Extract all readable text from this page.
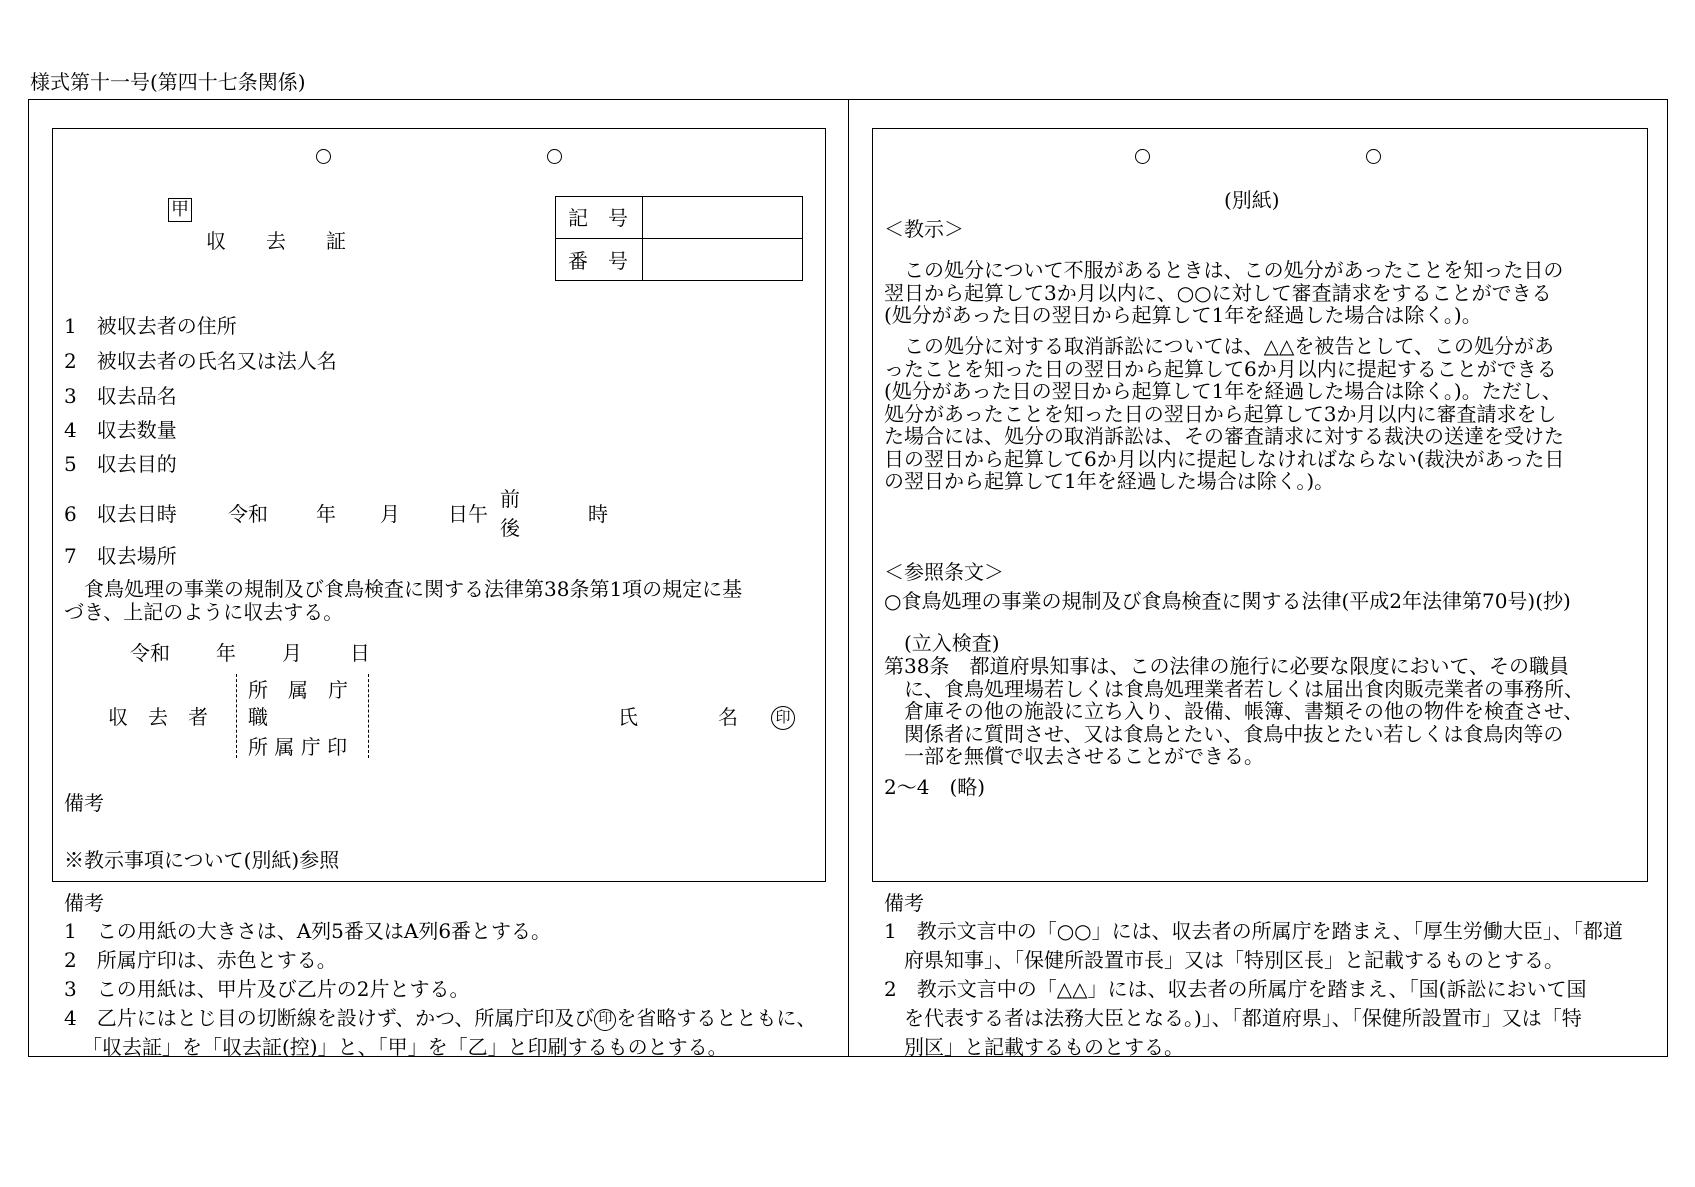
様式第十一号(第四十七条関係)
甲
収　　去　　証
記　号
番　号
1　被収去者の住所
2　被収去者の氏名又は法人名
3　収去品名
4　収去数量
5　収去目的
6　収去日時	令和 年 月 日午
前
後
時
7　収去場所
　食鳥処理の事業の規制及び食鳥検査に関する法律第38条第1項の規定に基
づき、上記のように収去する。
令和 年 月 日
収　去　者
所　属　庁
職
所 属 庁 印
氏　　　　名 印
備考
※教示事項について(別紙)参照
備考
1　この用紙の大きさは、A列5番又はA列6番とする。
2　所属庁印は、赤色とする。
3　この用紙は、甲片及び乙片の2片とする。
4　乙片にはとじ目の切断線を設けず、かつ、所属庁印及び 印 を省略するとともに、
「収去証」を「収去証(控)」と、「甲」を「乙」と印刷するものとする。
(別紙)
＜教示＞
　この処分について不服があるときは、この処分があったことを知った日の
翌日から起算して3か月以内に、○○に対して審査請求をすることができる
(処分があった日の翌日から起算して1年を経過した場合は除く。)。
　この処分に対する取消訴訟については、△△を被告として、この処分があ
ったことを知った日の翌日から起算して6か月以内に提起することができる
(処分があった日の翌日から起算して1年を経過した場合は除く。)。ただし、
処分があったことを知った日の翌日から起算して3か月以内に審査請求をし
た場合には、処分の取消訴訟は、その審査請求に対する裁決の送達を受けた
日の翌日から起算して6か月以内に提起しなければならない(裁決があった日
の翌日から起算して1年を経過した場合は除く。)。
＜参照条文＞
○食鳥処理の事業の規制及び食鳥検査に関する法律(平成2年法律第70号)(抄)
(立入検査)
第38条　都道府県知事は、この法律の施行に必要な限度において、その職員
　に、食鳥処理場若しくは食鳥処理業者若しくは届出食肉販売業者の事務所、
　倉庫その他の施設に立ち入り、設備、帳簿、書類その他の物件を検査させ、
　関係者に質問させ、又は食鳥とたい、食鳥中抜とたい若しくは食鳥肉等の
　一部を無償で収去させることができる。
2～4　(略)
備考
1　教示文言中の「○○」には、収去者の所属庁を踏まえ、「厚生労働大臣」、「都道
　府県知事」、「保健所設置市長」又は「特別区長」と記載するものとする。
2　教示文言中の「△△」には、収去者の所属庁を踏まえ、「国(訴訟において国
　を代表する者は法務大臣となる。)」、「都道府県」、「保健所設置市」又は「特
　別区」と記載するものとする。
